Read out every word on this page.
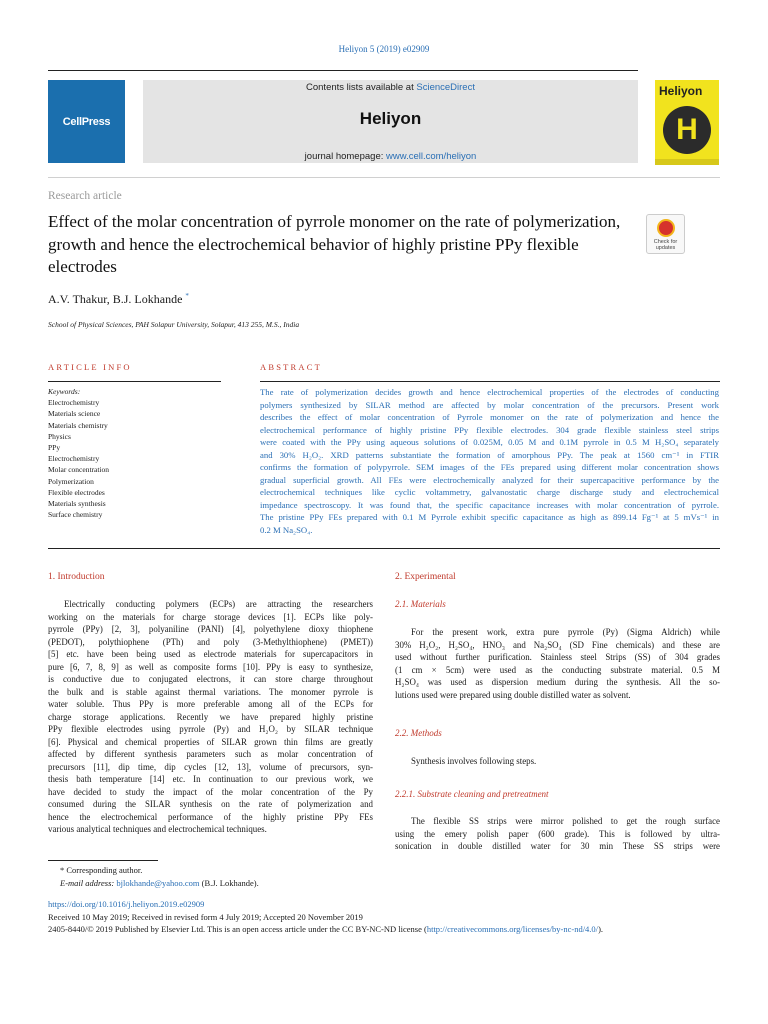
Heliyon 5 (2019) e02909
CellPress
Contents lists available at ScienceDirect
Heliyon
journal homepage: www.cell.com/heliyon
Heliyon
H
Research article
Effect of the molar concentration of pyrrole monomer on the rate of polymerization, growth and hence the electrochemical behavior of highly pristine PPy flexible electrodes
Check for updates
A.V. Thakur, B.J. Lokhande *
School of Physical Sciences, PAH Solapur University, Solapur, 413 255, M.S., India
ARTICLE INFO	ABSTRACT
Keywords:
Electrochemistry
Materials science
Materials chemistry
Physics
PPy
Electrochemistry
Molar concentration
Polymerization
Flexible electrodes
Materials synthesis
Surface chemistry
The rate of polymerization decides growth and hence electrochemical properties of the electrodes of conducting
polymers synthesized by SILAR method are affected by molar concentration of the precursors. Present work
describes the effect of molar concentration of Pyrrole monomer on the rate of polymerization and hence the
electrochemical performance of highly pristine PPy flexible electrodes. 304 grade flexible stainless steel strips
were coated with the PPy using aqueous solutions of 0.025M, 0.05 M and 0.1M pyrrole in 0.5 M H₂SO₄ separately
and 30% H₂O₂. XRD patterns substantiate the formation of amorphous PPy. The peak at 1560 cm⁻¹ in FTIR
confirms the formation of polypyrrole. SEM images of the FEs prepared using different molar concentration shows
gradual superficial growth. All FEs were electrochemically analyzed for their supercapacitive performance by the
electrochemical techniques like cyclic voltammetry, galvanostatic charge discharge study and electrochemical
impedance spectroscopy. It was found that, the specific capacitance increases with molar concentration of pyrrole.
The pristine PPy FEs prepared with 0.1 M Pyrrole exhibit specific capacitance as high as 899.14 Fg⁻¹ at 5 mVs⁻¹ in
0.2 M Na₂SO₄.
1. Introduction
Electrically conducting polymers (ECPs) are attracting the researchers
working on the materials for charge storage devices [1]. ECPs like poly-
pyrrole (PPy) [2, 3], polyaniline (PANI) [4], polyethylene dioxy thiophene
(PEDOT), polythiophene (PTh) and poly (3-Methylthiophene) (PMET))
[5] etc. have been being used as electrode materials for supercapacitors in
pure [6, 7, 8, 9] as well as composite forms [10]. PPy is easy to synthesize,
is conductive due to conjugated electrons, it can store charge throughout
the bulk and is stable against thermal variations. The monomer pyrrole is
water soluble. Thus PPy is more preferable among all of the ECPs for
charge storage applications. Recently we have prepared highly pristine
PPy flexible electrodes using pyrrole (Py) and H₂O₂ by SILAR technique
[6]. Physical and chemical properties of SILAR grown thin films are greatly
affected by different synthesis parameters such as molar concentration of
precursors [11], dip time, dip cycles [12, 13], volume of precursors, syn-
thesis bath temperature [14] etc. In continuation to our previous work, we
have decided to study the impact of the molar concentration of the Py
consumed during the SILAR synthesis on the rate of polymerization and
hence the electrochemical performance of the highly pristine PPy FEs
various analytical techniques and electrochemical techniques.
2. Experimental
2.1. Materials
For the present work, extra pure pyrrole (Py) (Sigma Aldrich) while
30% H₂O₂, H₂SO₄, HNO₃ and Na₂SO₄ (SD Fine chemicals) and these are
used without further purification. Stainless steel Strips (SS) of 304 grades
(1 cm × 5cm) were used as the conducting substrate material. 0.5 M
H₂SO₄ was used as dispersion medium during the synthesis. All the so-
lutions used were prepared using double distilled water as solvent.
2.2. Methods
Synthesis involves following steps.
2.2.1. Substrate cleaning and pretreatment
The flexible SS strips were mirror polished to get the rough surface
using the emery polish paper (600 grade). This is followed by ultra-
sonication in double distilled water for 30 min These SS strips were
* Corresponding author.
E-mail address: bjlokhande@yahoo.com (B.J. Lokhande).
https://doi.org/10.1016/j.heliyon.2019.e02909
Received 10 May 2019; Received in revised form 4 July 2019; Accepted 20 November 2019
2405-8440/© 2019 Published by Elsevier Ltd. This is an open access article under the CC BY-NC-ND license (http://creativecommons.org/licenses/by-nc-nd/4.0/).
